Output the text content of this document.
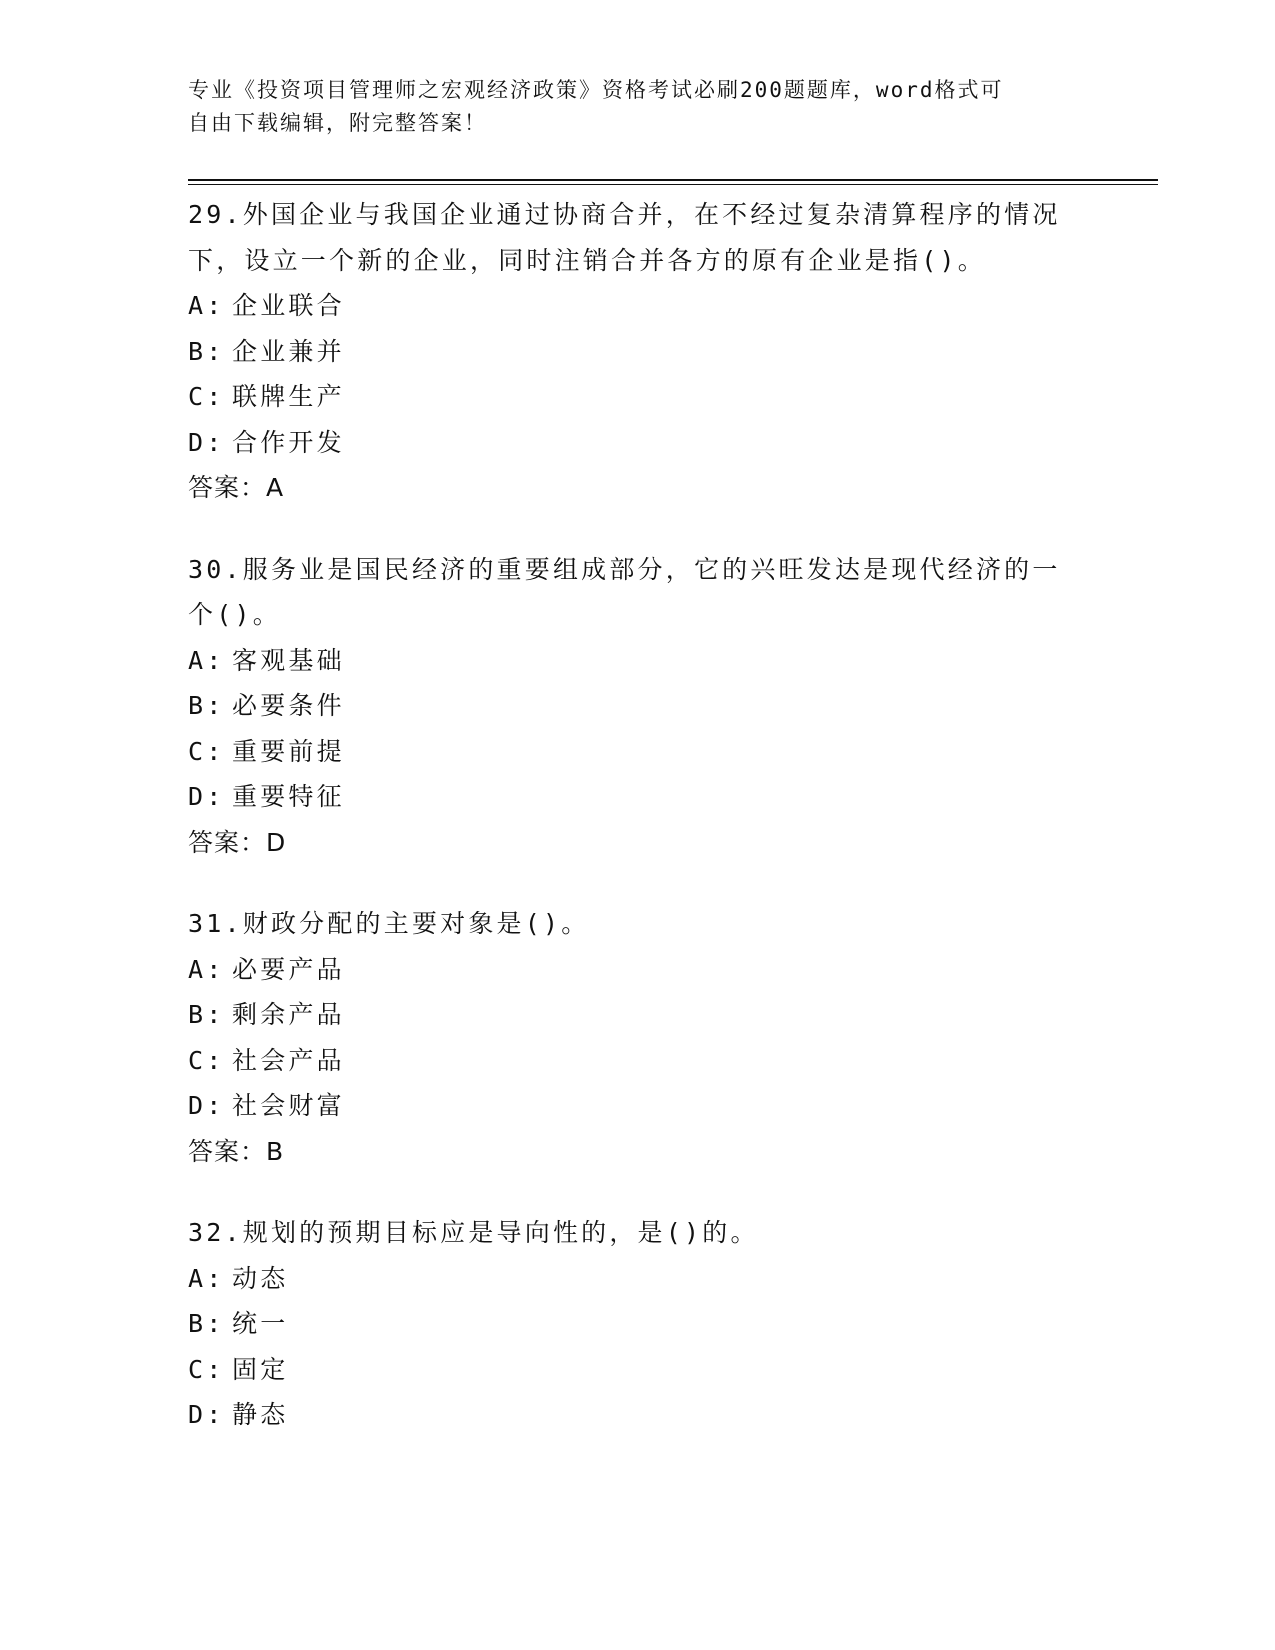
专业《投资项目管理师之宏观经济政策》资格考试必刷200题题库，word格式可
自由下载编辑，附完整答案！

29.外国企业与我国企业通过协商合并，在不经过复杂清算程序的情况下，设立一个新的企业，同时注销合并各方的原有企业是指()。

A: 企业联合

B: 企业兼并

C: 联牌生产

D: 合作开发

答案：A

30.服务业是国民经济的重要组成部分，它的兴旺发达是现代经济的一个()。

A: 客观基础

B: 必要条件

C: 重要前提

D: 重要特征

答案：D

31.财政分配的主要对象是()。

A: 必要产品

B: 剩余产品

C: 社会产品

D: 社会财富

答案：B

32.规划的预期目标应是导向性的，是()的。

A: 动态

B: 统一

C: 固定

D: 静态
